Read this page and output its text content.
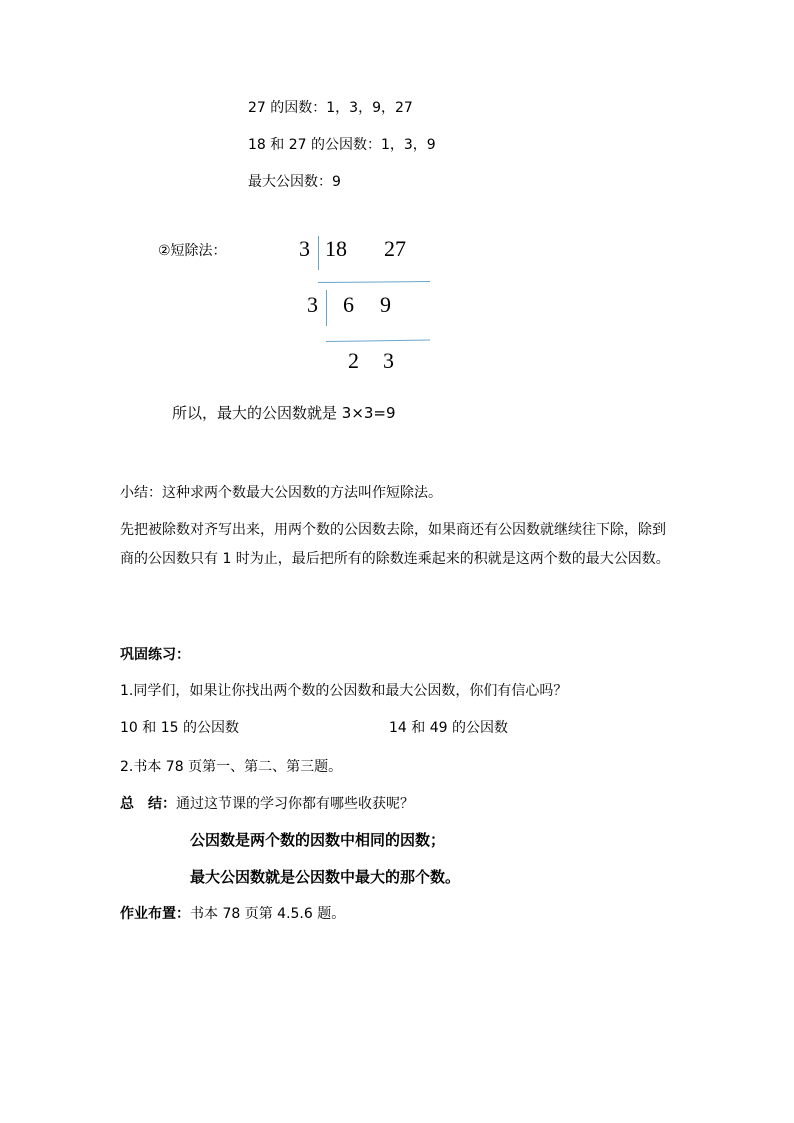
27 的因数：1，3，9，27
18 和 27 的公因数：1，3，9
最大公因数：9
②短除法：	3 18 27
3 6 9
2 3
所以，最大的公因数就是 3×3=9
小结：这种求两个数最大公因数的方法叫作短除法。
先把被除数对齐写出来，用两个数的公因数去除，如果商还有公因数就继续往下除，除到商的公因数只有 1 时为止，最后把所有的除数连乘起来的积就是这两个数的最大公因数。
巩固练习：
1.同学们，如果让你找出两个数的公因数和最大公因数，你们有信心吗？
10 和 15 的公因数	14 和 49 的公因数
2.书本 78 页第一、第二、第三题。
总　结：通过这节课的学习你都有哪些收获呢？
公因数是两个数的因数中相同的因数；
最大公因数就是公因数中最大的那个数。
作业布置：书本 78 页第 4.5.6 题。
